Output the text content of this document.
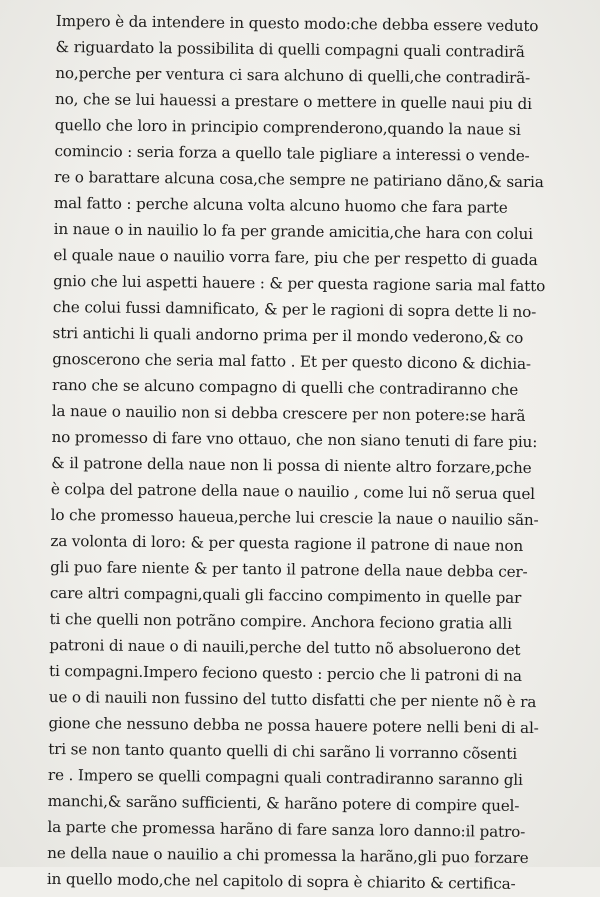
Impero è da intendere in questo modo:che debba essere veduto
& riguardato la possibilita di quelli compagni quali contradirã
no,perche per ventura ci sara alchuno di quelli,che contradirã-
no, che se lui hauessi a prestare o mettere in quelle naui piu di
quello che loro in principio comprenderono,quando la naue si
comincio : seria forza a quello tale pigliare a interessi o vende-
re o barattare alcuna cosa,che sempre ne patiriano dãno,& saria
mal fatto : perche alcuna volta alcuno huomo che fara parte
in naue o in nauilio lo fa per grande amicitia,che hara con colui
el quale naue o nauilio vorra fare, piu che per respetto di guada
gnio che lui aspetti hauere : & per questa ragione saria mal fatto
che colui fussi damnificato, & per le ragioni di sopra dette li no-
stri antichi li quali andorno prima per il mondo vederono,& co
gnoscerono che seria mal fatto . Et per questo dicono & dichia-
rano che se alcuno compagno di quelli che contradiranno che
la naue o nauilio non si debba crescere per non potere:se harã
no promesso di fare vno ottauo, che non siano tenuti di fare piu:
& il patrone della naue non li possa di niente altro forzare,pche
è colpa del patrone della naue o nauilio , come lui nõ serua quel
lo che promesso haueua,perche lui crescie la naue o nauilio sãn-
za volonta di loro: & per questa ragione il patrone di naue non
gli puo fare niente & per tanto il patrone della naue debba cer-
care altri compagni,quali gli faccino compimento in quelle par
ti che quelli non potrãno compire. Anchora feciono gratia alli
patroni di naue o di nauili,perche del tutto nõ absoluerono det
ti compagni.Impero feciono questo : percio che li patroni di na
ue o di nauili non fussino del tutto disfatti che per niente nõ è ra
gione che nessuno debba ne possa hauere potere nelli beni di al-
tri se non tanto quanto quelli di chi sarãno li vorranno cõsenti
re . Impero se quelli compagni quali contradiranno saranno gli
manchi,& sarãno sufficienti, & harãno potere di compire quel-
la parte che promessa harãno di fare sanza loro danno:il patro-
ne della naue o nauilio a chi promessa la harãno,gli puo forzare
in quello modo,che nel capitolo di sopra è chiarito & certifica-
